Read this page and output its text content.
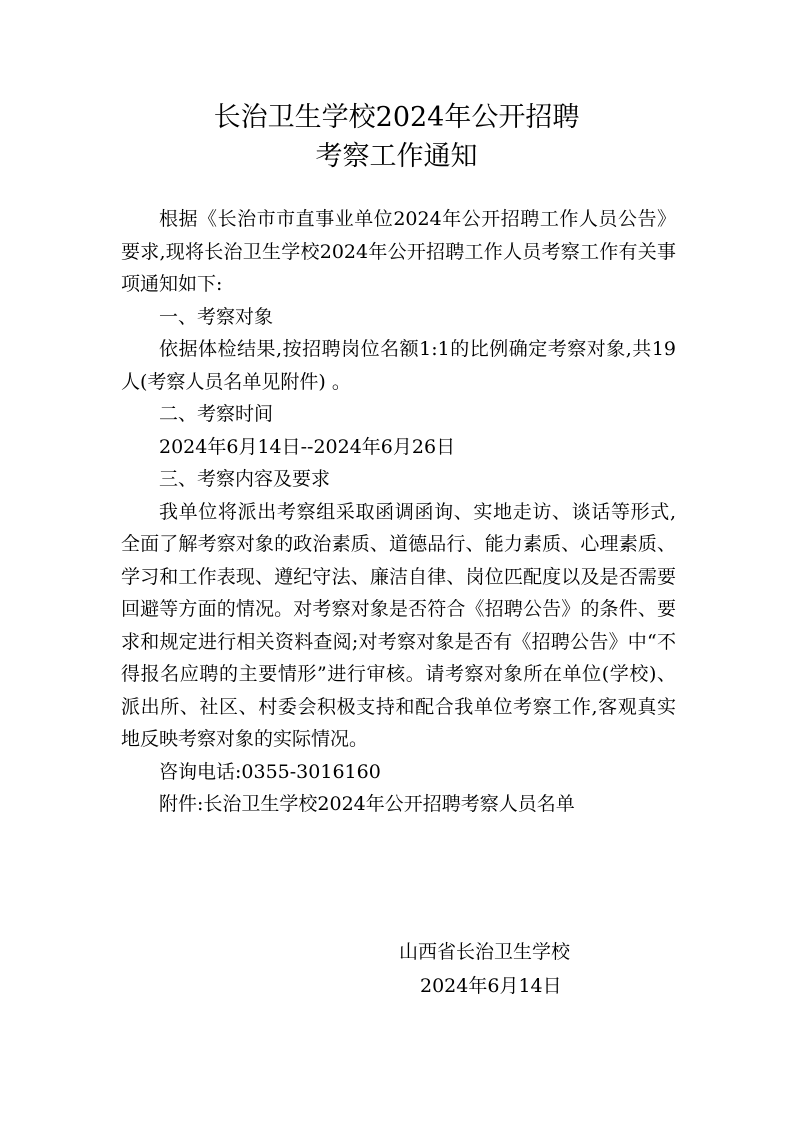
长治卫生学校2024年公开招聘
考察工作通知

根据《长治市市直事业单位2024年公开招聘工作人员公告》要求,现将长治卫生学校2024年公开招聘工作人员考察工作有关事项通知如下:

一、考察对象

依据体检结果,按招聘岗位名额1:1的比例确定考察对象,共19人(考察人员名单见附件) 。

二、考察时间

2024年6月14日--2024年6月26日

三、考察内容及要求

我单位将派出考察组采取函调函询、实地走访、谈话等形式,全面了解考察对象的政治素质、道德品行、能力素质、心理素质、学习和工作表现、遵纪守法、廉洁自律、岗位匹配度以及是否需要回避等方面的情况。对考察对象是否符合《招聘公告》的条件、要求和规定进行相关资料查阅;对考察对象是否有《招聘公告》中“不得报名应聘的主要情形”进行审核。请考察对象所在单位(学校)、派出所、社区、村委会积极支持和配合我单位考察工作,客观真实地反映考察对象的实际情况。

咨询电话:0355-3016160

附件:长治卫生学校2024年公开招聘考察人员名单

山西省长治卫生学校
2024年6月14日
